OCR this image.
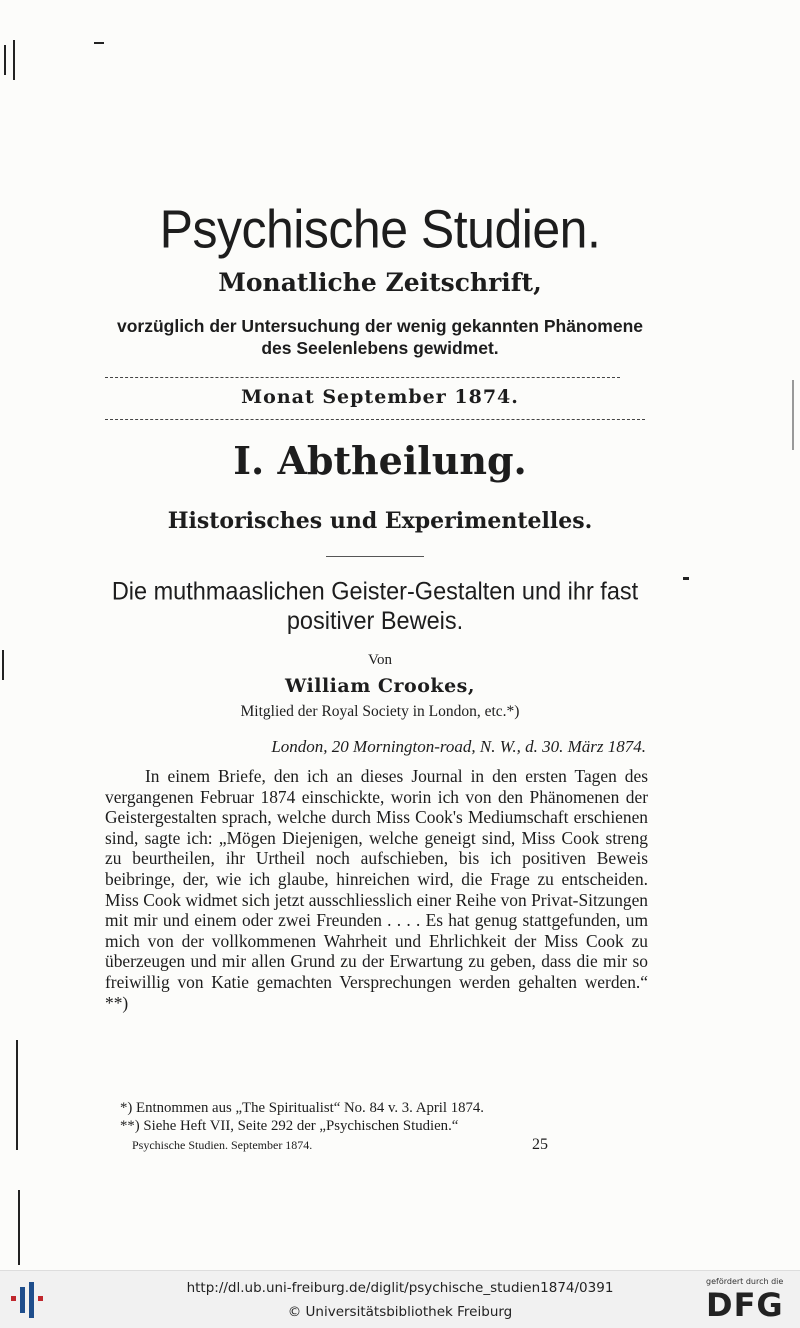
Psychische Studien.
Monatliche Zeitschrift,
vorzüglich der Untersuchung der wenig gekannten Phänomene
des Seelenlebens gewidmet.
Monat September 1874.
I. Abtheilung.
Historisches und Experimentelles.
Die muthmaaslichen Geister-Gestalten und ihr fast
positiver Beweis.
Von
William Crookes,
Mitglied der Royal Society in London, etc.*)
London, 20 Mornington-road, N. W., d. 30. März 1874.

In einem Briefe, den ich an dieses Journal in den ersten Tagen des vergangenen Februar 1874 einschickte, worin ich von den Phänomenen der Geistergestalten sprach, welche durch Miss Cook's Mediumschaft erschienen sind, sagte ich: „Mögen Diejenigen, welche geneigt sind, Miss Cook streng zu beurtheilen, ihr Urtheil noch aufschieben, bis ich positiven Beweis beibringe, der, wie ich glaube, hinreichen wird, die Frage zu entscheiden. Miss Cook widmet sich jetzt ausschliesslich einer Reihe von Privat-Sitzungen mit mir und einem oder zwei Freunden . . . . Es hat genug stattgefunden, um mich von der vollkommenen Wahrheit und Ehrlichkeit der Miss Cook zu überzeugen und mir allen Grund zu der Erwartung zu geben, dass die mir so freiwillig von Katie gemachten Versprechungen werden gehalten werden.“ **)

*) Entnommen aus „The Spiritualist“ No. 84 v. 3. April 1874.
**) Siehe Heft VII, Seite 292 der „Psychischen Studien.“
Psychische Studien. September 1874.	25
http://dl.ub.uni-freiburg.de/diglit/psychische_studien1874/0391
© Universitätsbibliothek Freiburg
gefördert durch die
DFG
